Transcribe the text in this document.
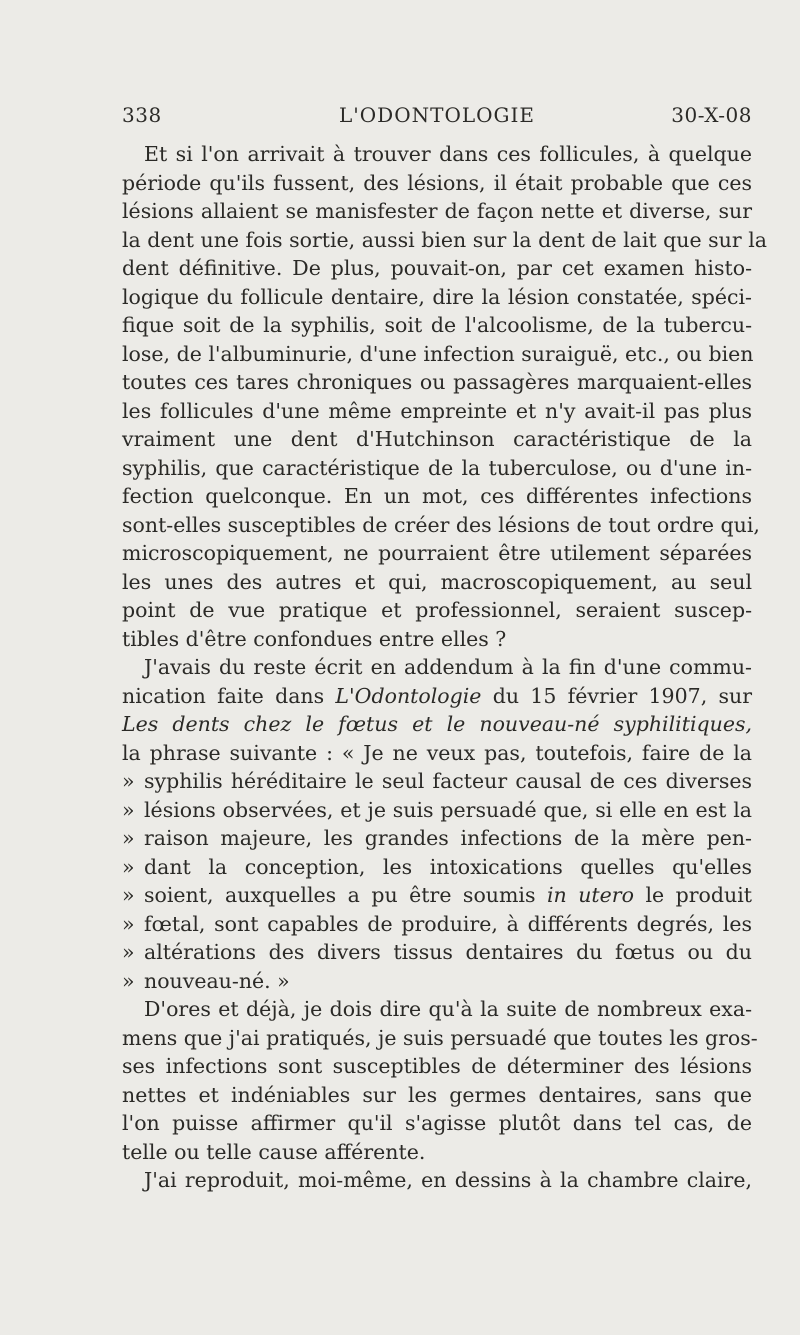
338	L'ODONTOLOGIE	30-X-08
Et si l'on arrivait à trouver dans ces follicules, à quelque
période qu'ils fussent, des lésions, il était probable que ces
lésions allaient se manisfester de façon nette et diverse, sur
la dent une fois sortie, aussi bien sur la dent de lait que sur la
dent définitive. De plus, pouvait-on, par cet examen histo-
logique du follicule dentaire, dire la lésion constatée, spéci-
fique soit de la syphilis, soit de l'alcoolisme, de la tubercu-
lose, de l'albuminurie, d'une infection suraiguë, etc., ou bien
toutes ces tares chroniques ou passagères marquaient-elles
les follicules d'une même empreinte et n'y avait-il pas plus
vraiment une dent d'Hutchinson caractéristique de la
syphilis, que caractéristique de la tuberculose, ou d'une in-
fection quelconque. En un mot, ces différentes infections
sont-elles susceptibles de créer des lésions de tout ordre qui,
microscopiquement, ne pourraient être utilement séparées
les unes des autres et qui, macroscopiquement, au seul
point de vue pratique et professionnel, seraient suscep-
tibles d'être confondues entre elles ?
J'avais du reste écrit en addendum à la fin d'une commu-
nication faite dans L'Odontologie du 15 février 1907, sur
Les dents chez le fœtus et le nouveau-né syphilitiques,
la phrase suivante : « Je ne veux pas, toutefois, faire de la
» syphilis héréditaire le seul facteur causal de ces diverses
» lésions observées, et je suis persuadé que, si elle en est la
» raison majeure, les grandes infections de la mère pen-
» dant la conception, les intoxications quelles qu'elles
» soient, auxquelles a pu être soumis in utero le produit
» fœtal, sont capables de produire, à différents degrés, les
» altérations des divers tissus dentaires du fœtus ou du
» nouveau-né. »
D'ores et déjà, je dois dire qu'à la suite de nombreux exa-
mens que j'ai pratiqués, je suis persuadé que toutes les gros-
ses infections sont susceptibles de déterminer des lésions
nettes et indéniables sur les germes dentaires, sans que
l'on puisse affirmer qu'il s'agisse plutôt dans tel cas, de
telle ou telle cause afférente.
J'ai reproduit, moi-même, en dessins à la chambre claire,
